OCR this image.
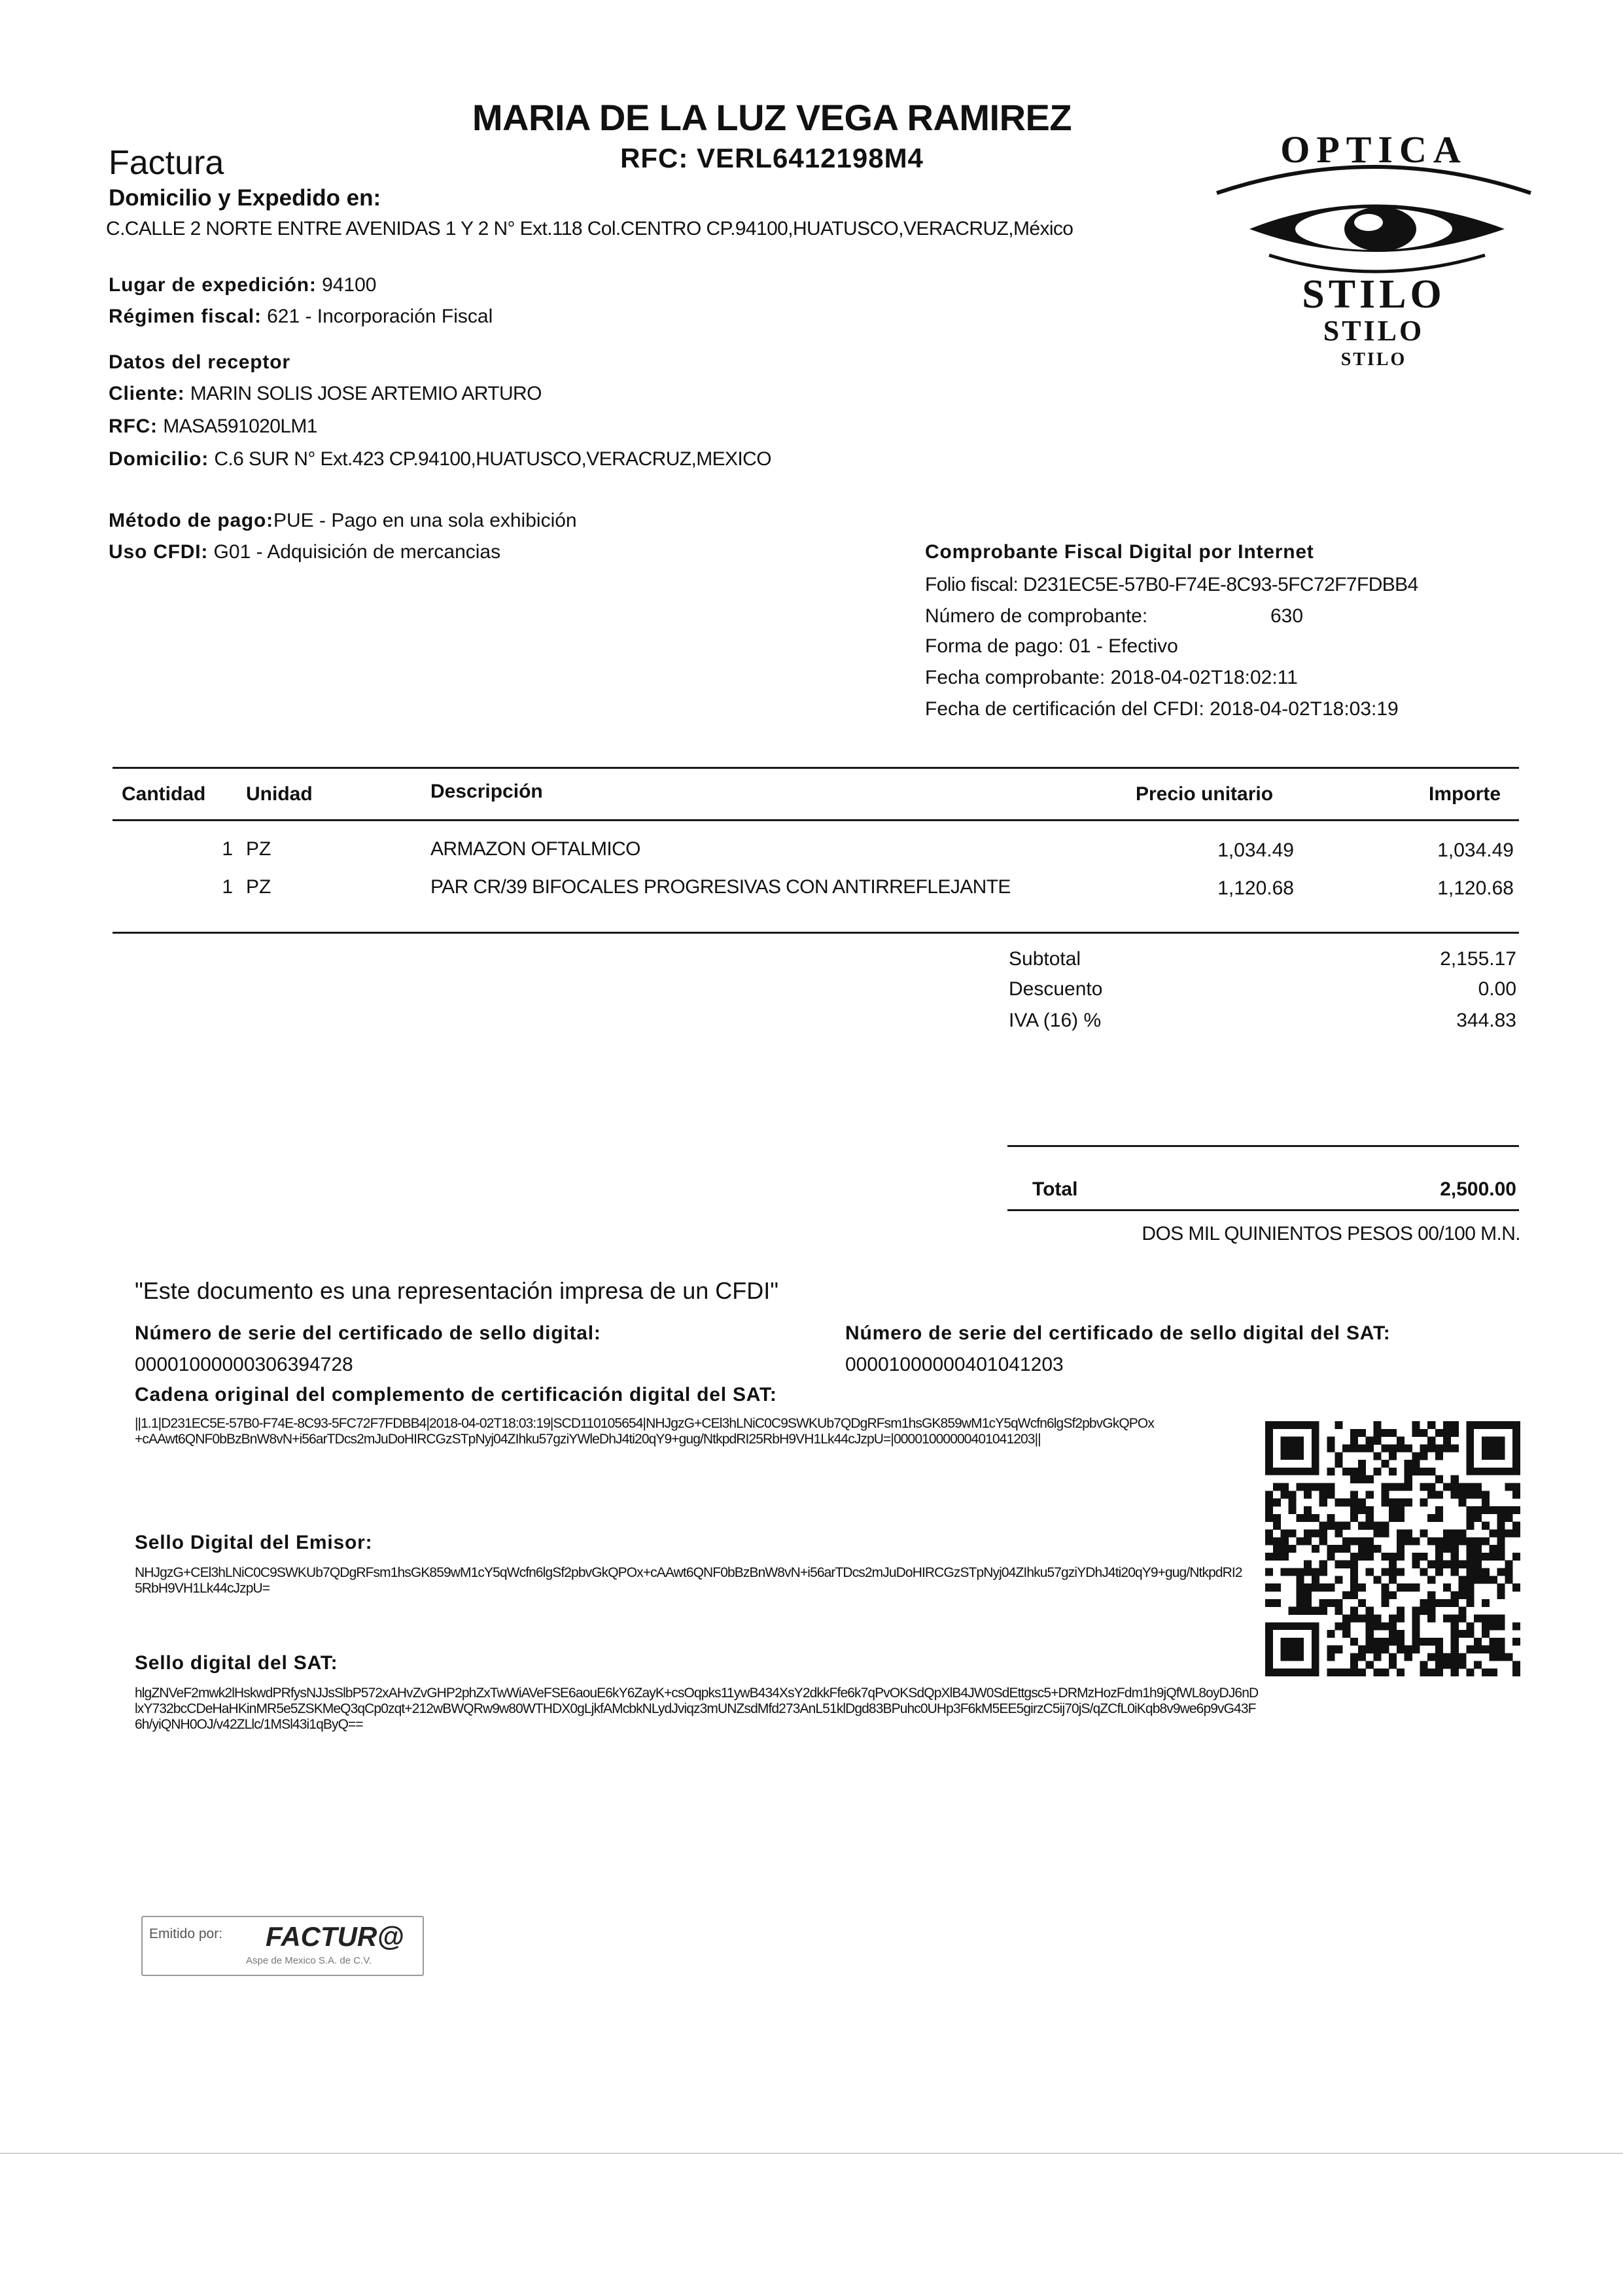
MARIA DE LA LUZ VEGA RAMIREZ
RFC: VERL6412198M4
Factura
Domicilio y Expedido en:
C.CALLE 2 NORTE ENTRE AVENIDAS 1 Y 2 N° Ext.118 Col.CENTRO CP.94100,HUATUSCO,VERACRUZ,México
Lugar de expedición: 94100
Régimen fiscal: 621 - Incorporación Fiscal
OPTICA
STILO
STILO
STILO
Datos del receptor
Cliente: MARIN SOLIS JOSE ARTEMIO ARTURO
RFC: MASA591020LM1
Domicilio: C.6 SUR N° Ext.423 CP.94100,HUATUSCO,VERACRUZ,MEXICO
Método de pago:PUE - Pago en una sola exhibición
Uso CFDI: G01 - Adquisición de mercancias	Comprobante Fiscal Digital por Internet
Folio fiscal: D231EC5E-57B0-F74E-8C93-5FC72F7FDBB4
Número de comprobante:	630
Forma de pago: 01 - Efectivo
Fecha comprobante: 2018-04-02T18:02:11
Fecha de certificación del CFDI: 2018-04-02T18:03:19
Cantidad Unidad	Descripción	Precio unitario	Importe
1 PZ	ARMAZON OFTALMICO	1,034.49	1,034.49
1 PZ	PAR CR/39 BIFOCALES PROGRESIVAS CON ANTIRREFLEJANTE	1,120.68	1,120.68
Subtotal	2,155.17
Descuento	0.00
IVA (16) %	344.83
Total	2,500.00
DOS MIL QUINIENTOS PESOS 00/100 M.N.
"Este documento es una representación impresa de un CFDI"
Número de serie del certificado de sello digital:
00001000000306394728
Número de serie del certificado de sello digital del SAT:
00001000000401041203
Cadena original del complemento de certificación digital del SAT:
||1.1|D231EC5E-57B0-F74E-8C93-5FC72F7FDBB4|2018-04-02T18:03:19|SCD110105654|NHJgzG+CEl3hLNiC0C9SWKUb7QDgRFsm1hsGK859wM1cY5qWcfn6lgSf2pbvGkQPOx+cAAwt6QNF0bBzBnW8vN+i56arTDcs2mJuDoHIRCGzSTpNyj04ZIhku57gziYWleDhJ4ti20qY9+gug/NtkpdRI25RbH9VH1Lk44cJzpU=|00001000000401041203||
Sello Digital del Emisor:
NHJgzG+CEl3hLNiC0C9SWKUb7QDgRFsm1hsGK859wM1cY5qWcfn6lgSf2pbvGkQPOx+cAAwt6QNF0bBzBnW8vN+i56arTDcs2mJuDoHIRCGzSTpNyj04ZIhku57gziYDhJ4ti20qY9+gug/NtkpdRI25RbH9VH1Lk44cJzpU=
Sello digital del SAT:
hlgZNVeF2mwk2lHskwdPRfysNJJsSlbP572xAHvZvGHP2phZxTwWiAVeFSE6aouE6kY6ZayK+csOqpks11ywB434XsY2dkkFfe6k7qPvOKSdQpXlB4JW0SdEttgsc5+DRMzHozFdm1h9jQfWL8oyDJ6nDlxY732bcCDeHaHKinMR5e5ZSKMeQ3qCp0zqt+212wBWQRw9w80WTHDX0gLjkfAMcbkNLydJviqz3mUNZsdMfd273AnL51klDgd83BPuhc0UHp3F6kM5EE5girzC5ij70jS/qZCfL0iKqb8v9we6p9vG43F6h/yiQNH0OJ/v42ZLlc/1MSl43i1qByQ==
Emitido por: FACTUR@
Aspe de Mexico S.A. de C.V.
